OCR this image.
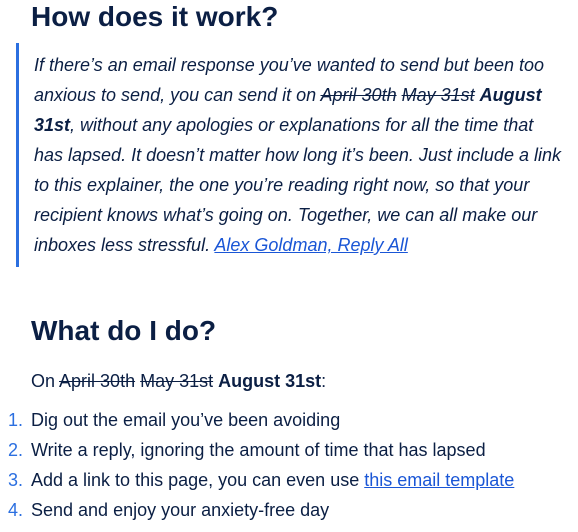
How does it work?
If there’s an email response you’ve wanted to send but been too anxious to send, you can send it on April 30th May 31st August 31st, without any apologies or explanations for all the time that has lapsed. It doesn’t matter how long it’s been. Just include a link to this explainer, the one you’re reading right now, so that your recipient knows what’s going on. Together, we can all make our inboxes less stressful. Alex Goldman, Reply All
What do I do?

On April 30th May 31st August 31st:

1. Dig out the email you’ve been avoiding
2. Write a reply, ignoring the amount of time that has lapsed
3. Add a link to this page, you can even use this email template
4. Send and enjoy your anxiety-free day
